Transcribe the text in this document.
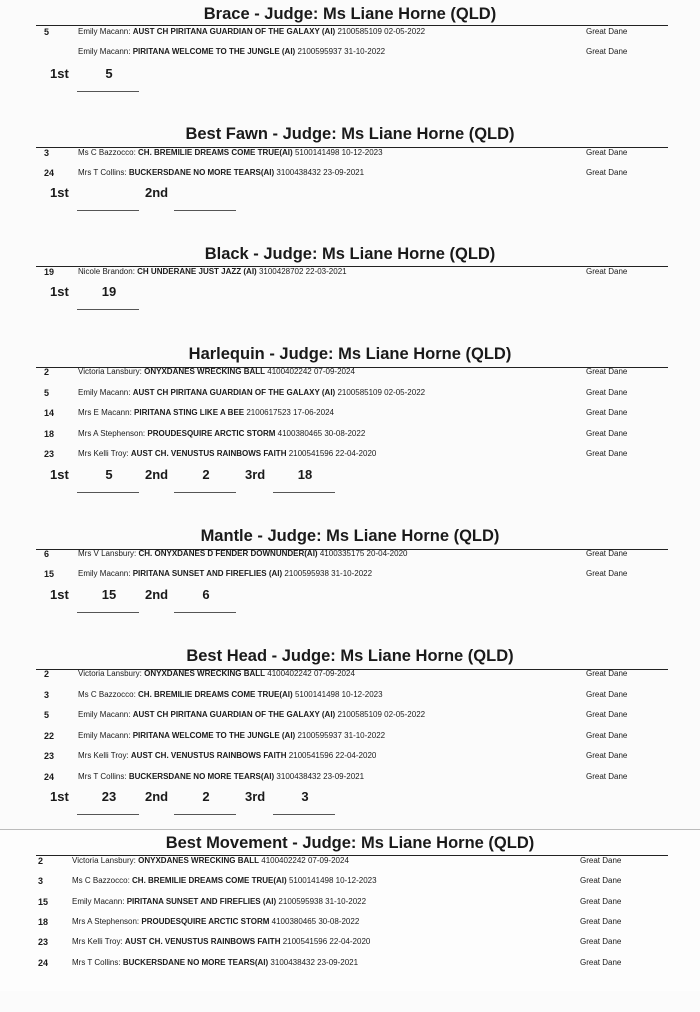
Brace - Judge: Ms Liane Horne (QLD)
5	Emily Macann: AUST CH PIRITANA GUARDIAN OF THE GALAXY (AI) 2100585109 02-05-2022	Great Dane
Emily Macann: PIRITANA WELCOME TO THE JUNGLE (AI) 2100595937 31-10-2022	Great Dane
1st	5
Best Fawn - Judge: Ms Liane Horne (QLD)
3	Ms C Bazzocco: CH. BREMILIE DREAMS COME TRUE(AI) 5100141498 10-12-2023	Great Dane
24	Mrs T Collins: BUCKERSDANE NO MORE TEARS(AI) 3100438432 23-09-2021	Great Dane
1st	2nd
Black - Judge: Ms Liane Horne (QLD)
19	Nicole Brandon: CH UNDERANE JUST JAZZ (AI) 3100428702 22-03-2021	Great Dane
1st	19
Harlequin - Judge: Ms Liane Horne (QLD)
2	Victoria Lansbury: ONYXDANES WRECKING BALL 4100402242 07-09-2024	Great Dane
5	Emily Macann: AUST CH PIRITANA GUARDIAN OF THE GALAXY (AI) 2100585109 02-05-2022	Great Dane
14	Mrs E Macann: PIRITANA STING LIKE A BEE 2100617523 17-06-2024	Great Dane
18	Mrs A Stephenson: PROUDESQUIRE ARCTIC STORM 4100380465 30-08-2022	Great Dane
23	Mrs Kelli Troy: AUST CH. VENUSTUS RAINBOWS FAITH 2100541596 22-04-2020	Great Dane
1st	5	2nd	2	3rd	18
Mantle - Judge: Ms Liane Horne (QLD)
6	Mrs V Lansbury: CH. ONYXDANES D FENDER DOWNUNDER(AI) 4100335175 20-04-2020	Great Dane
15	Emily Macann: PIRITANA SUNSET AND FIREFLIES (AI) 2100595938 31-10-2022	Great Dane
1st	15	2nd	6
Best Head - Judge: Ms Liane Horne (QLD)
2	Victoria Lansbury: ONYXDANES WRECKING BALL 4100402242 07-09-2024	Great Dane
3	Ms C Bazzocco: CH. BREMILIE DREAMS COME TRUE(AI) 5100141498 10-12-2023	Great Dane
5	Emily Macann: AUST CH PIRITANA GUARDIAN OF THE GALAXY (AI) 2100585109 02-05-2022	Great Dane
22	Emily Macann: PIRITANA WELCOME TO THE JUNGLE (AI) 2100595937 31-10-2022	Great Dane
23	Mrs Kelli Troy: AUST CH. VENUSTUS RAINBOWS FAITH 2100541596 22-04-2020	Great Dane
24	Mrs T Collins: BUCKERSDANE NO MORE TEARS(AI) 3100438432 23-09-2021	Great Dane
1st	23	2nd	2	3rd	3
Best Movement - Judge: Ms Liane Horne (QLD)
2	Victoria Lansbury: ONYXDANES WRECKING BALL 4100402242 07-09-2024	Great Dane
3	Ms C Bazzocco: CH. BREMILIE DREAMS COME TRUE(AI) 5100141498 10-12-2023	Great Dane
15	Emily Macann: PIRITANA SUNSET AND FIREFLIES (AI) 2100595938 31-10-2022	Great Dane
18	Mrs A Stephenson: PROUDESQUIRE ARCTIC STORM 4100380465 30-08-2022	Great Dane
23	Mrs Kelli Troy: AUST CH. VENUSTUS RAINBOWS FAITH 2100541596 22-04-2020	Great Dane
24	Mrs T Collins: BUCKERSDANE NO MORE TEARS(AI) 3100438432 23-09-2021	Great Dane
